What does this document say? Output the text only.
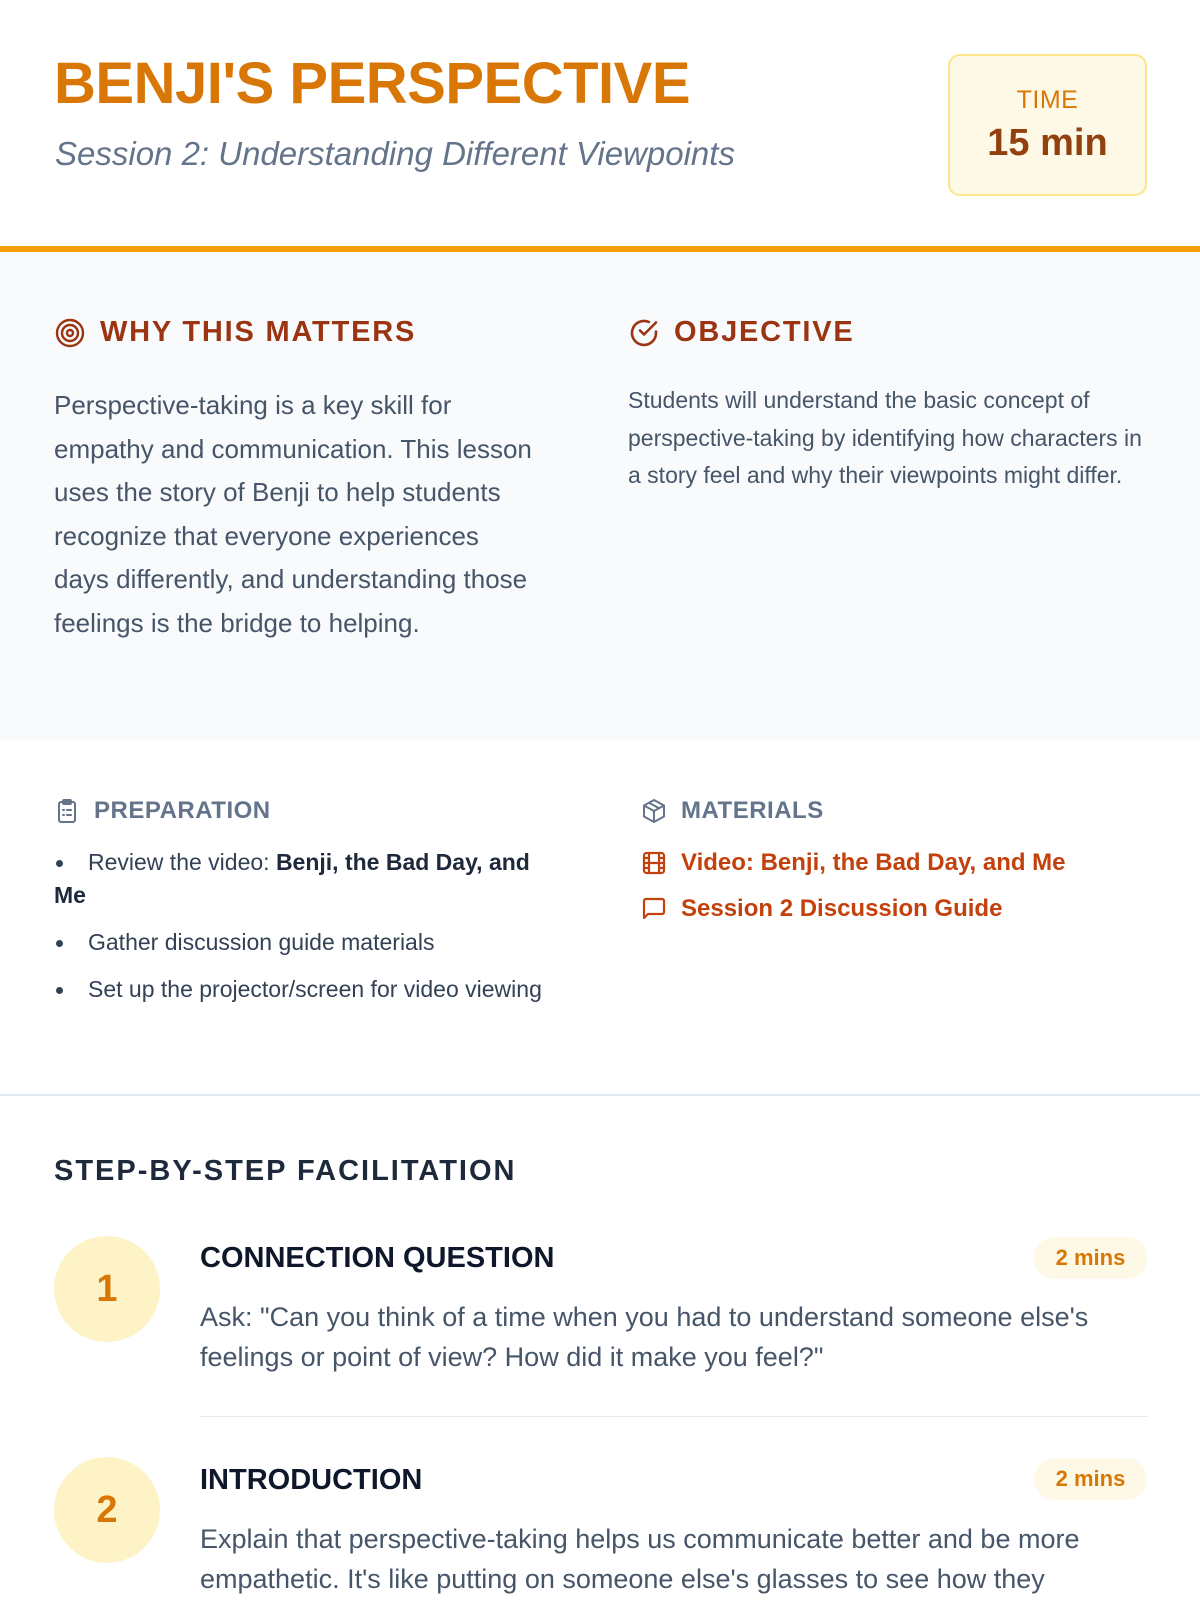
BENJI'S PERSPECTIVE
Session 2: Understanding Different Viewpoints
TIME
15 min
WHY THIS MATTERS

Perspective-taking is a key skill for empathy and communication. This lesson uses the story of Benji to help students recognize that everyone experiences days differently, and understanding those feelings is the bridge to helping.

OBJECTIVE

Students will understand the basic concept of perspective-taking by identifying how characters in a story feel and why their viewpoints might differ.

PREPARATION
Review the video: Benji, the Bad Day, and Me
Gather discussion guide materials
Set up the projector/screen for video viewing
MATERIALS
Video: Benji, the Bad Day, and Me
Session 2 Discussion Guide
STEP-BY-STEP FACILITATION
1
CONNECTION QUESTION	2 mins

Ask: "Can you think of a time when you had to understand someone else's feelings or point of view? How did it make you feel?"

2
INTRODUCTION	2 mins

Explain that perspective-taking helps us communicate better and be more empathetic. It's like putting on someone else's glasses to see how they
